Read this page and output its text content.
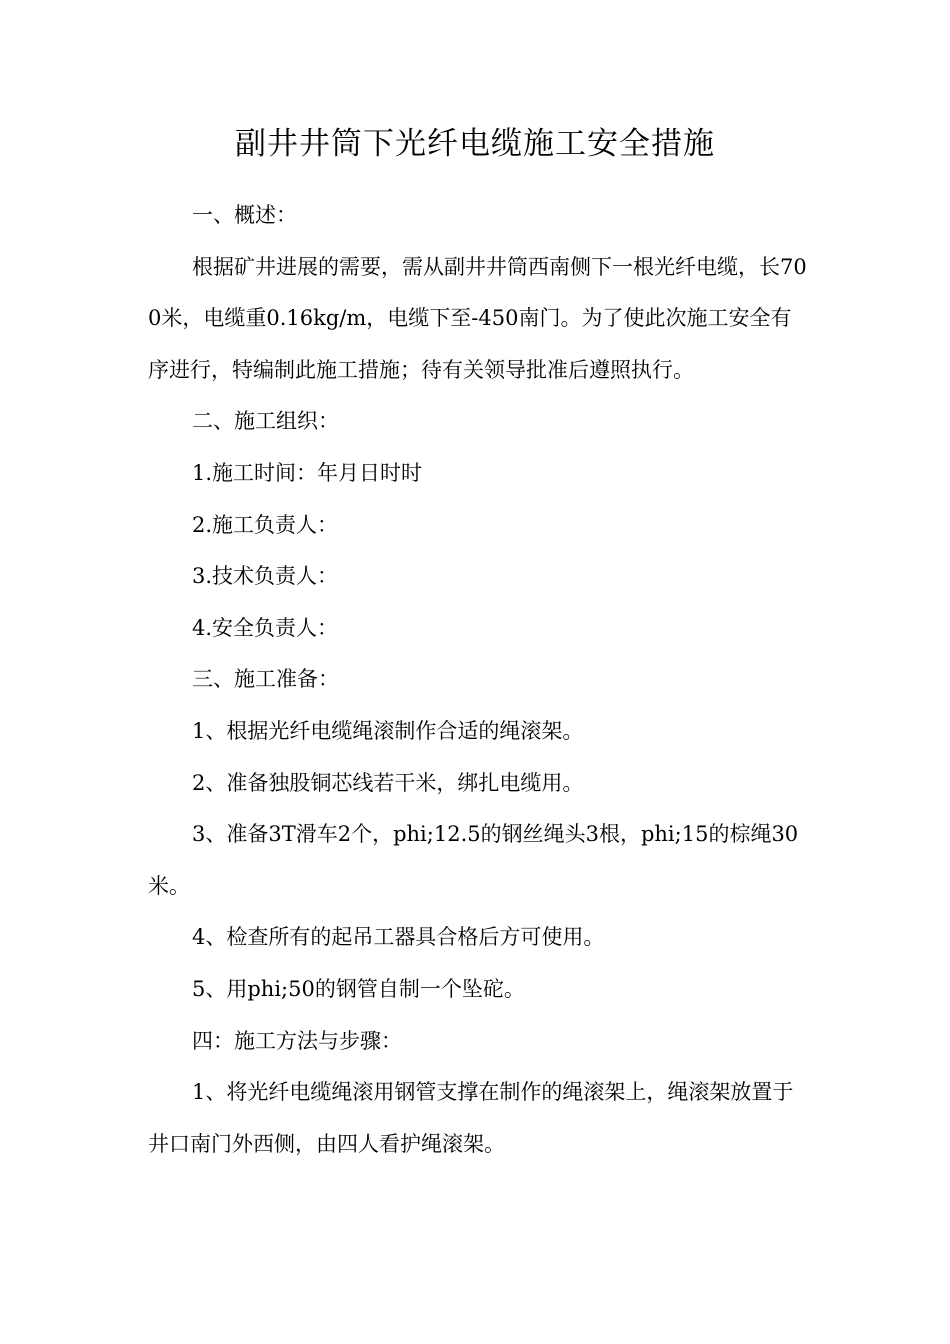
副井井筒下光纤电缆施工安全措施

一、概述：

根据矿井进展的需要，需从副井井筒西南侧下一根光纤电缆，长700米，电缆重0.16kg/m，电缆下至-450南门。为了使此次施工安全有序进行，特编制此施工措施；待有关领导批准后遵照执行。

二、施工组织：

1.施工时间：年月日时时

2.施工负责人：

3.技术负责人：

4.安全负责人：

三、施工准备：

1、根据光纤电缆绳滚制作合适的绳滚架。

2、准备独股铜芯线若干米，绑扎电缆用。

3、准备3T滑车2个，phi;12.5的钢丝绳头3根，phi;15的棕绳30米。

4、检查所有的起吊工器具合格后方可使用。

5、用phi;50的钢管自制一个坠砣。

四：施工方法与步骤：

1、将光纤电缆绳滚用钢管支撑在制作的绳滚架上，绳滚架放置于井口南门外西侧，由四人看护绳滚架。
